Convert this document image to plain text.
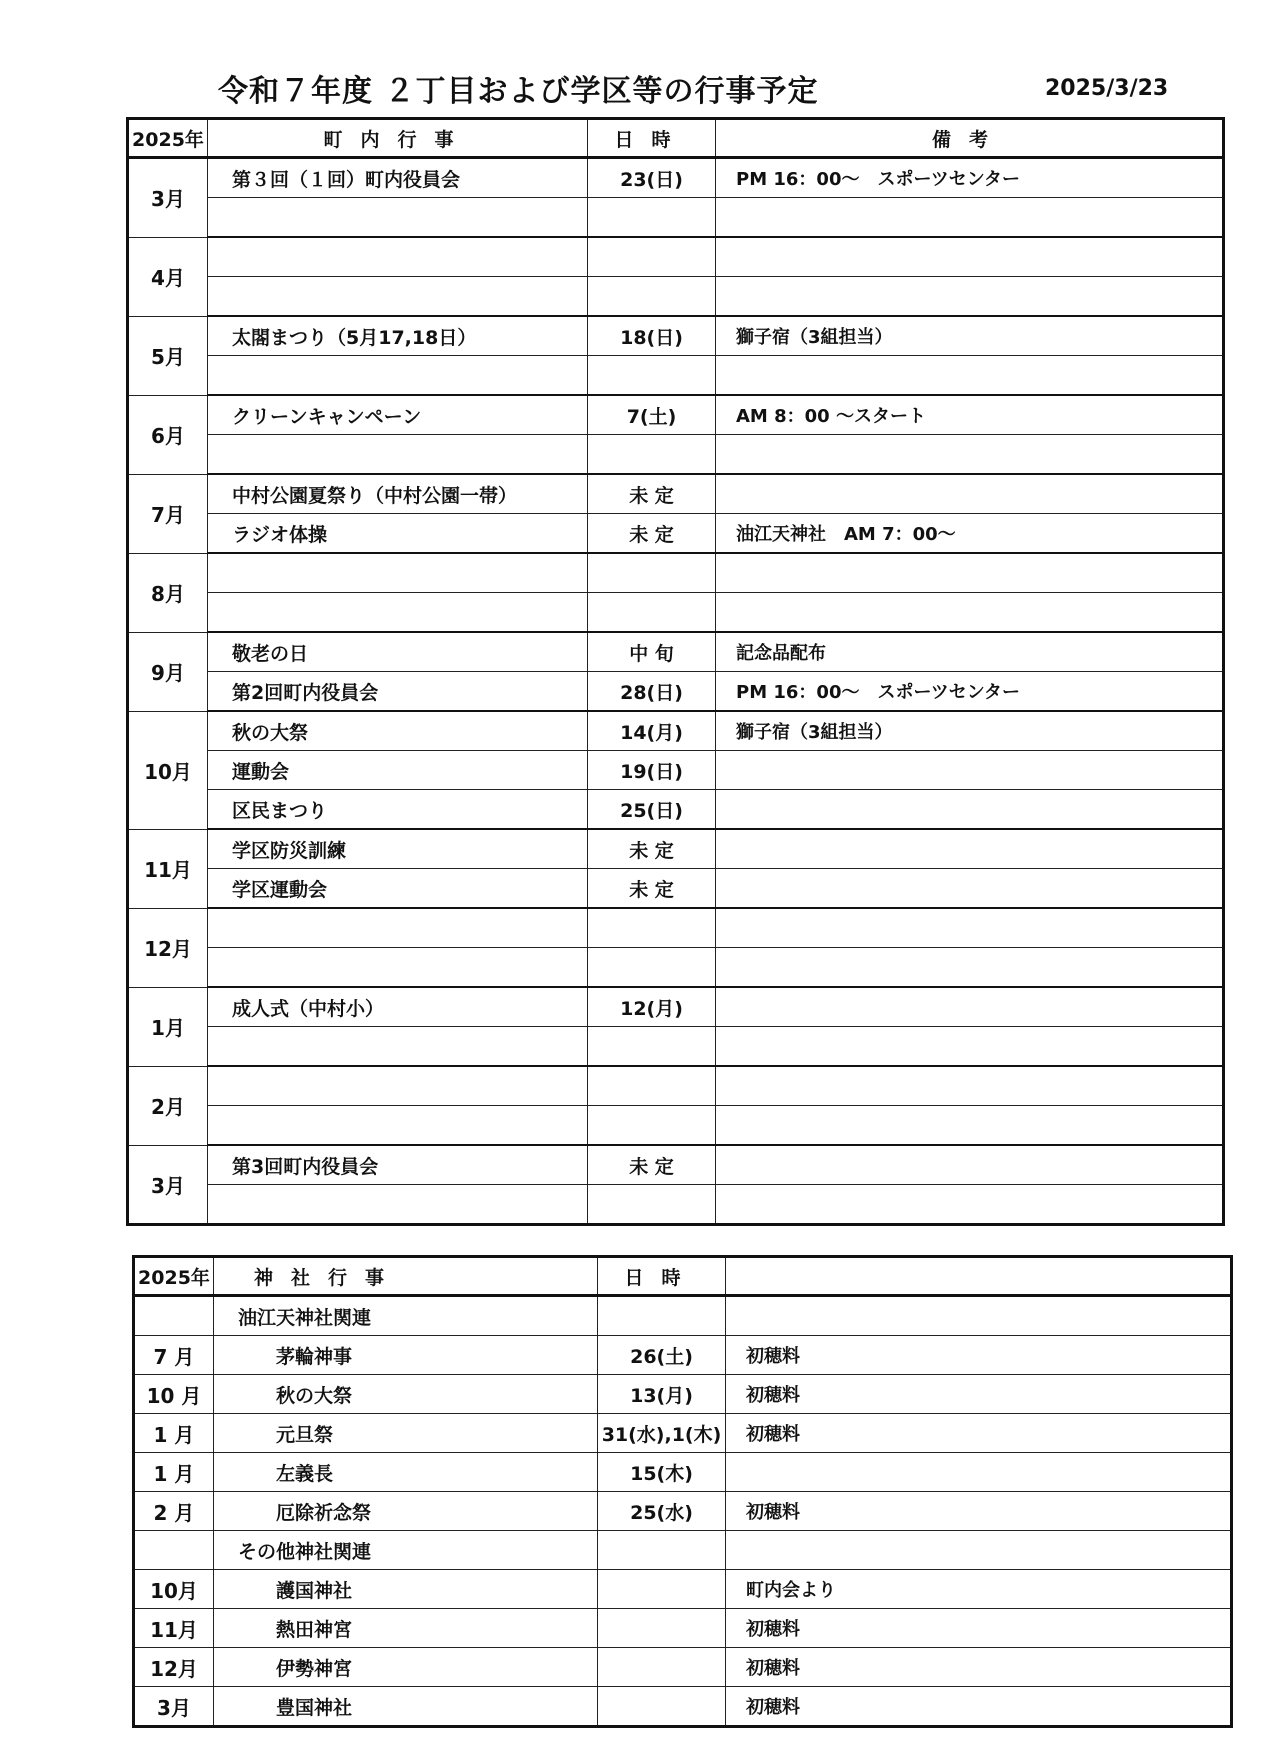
令和７年度 ２丁目および学区等の行事予定	2025/3/23
2025年	町内行事	日時	備考
3月	第３回（１回）町内役員会	23(日)	PM 16：00～　スポーツセンター

4月			

5月	太閤まつり（5月17,18日）	18(日)	獅子宿（3組担当）

6月	クリーンキャンペーン	7(土)	AM 8：00 ～スタート

7月	中村公園夏祭り（中村公園一帯）	未 定	
	ラジオ体操	未 定	油江天神社　AM 7：00～
8月			

9月	敬老の日	中 旬	記念品配布
	第2回町内役員会	28(日)	PM 16：00～　スポーツセンター
10月	秋の大祭	14(月)	獅子宿（3組担当）
	運動会	19(日)	
	区民まつり	25(日)	
11月	学区防災訓練	未 定	
	学区運動会	未 定	
12月			

1月	成人式（中村小）	12(月)	

2月			

3月	第3回町内役員会	未 定	

2025年	神社行事	日時	
	油江天神社関連		
7 月	茅輪神事	26(土)	初穂料
10 月	秋の大祭	13(月)	初穂料
1 月	元旦祭	31(水),1(木)	初穂料
1 月	左義長	15(木)	
2 月	厄除祈念祭	25(水)	初穂料
	その他神社関連		
10月	護国神社		町内会より
11月	熱田神宮		初穂料
12月	伊勢神宮		初穂料
3月	豊国神社		初穂料
